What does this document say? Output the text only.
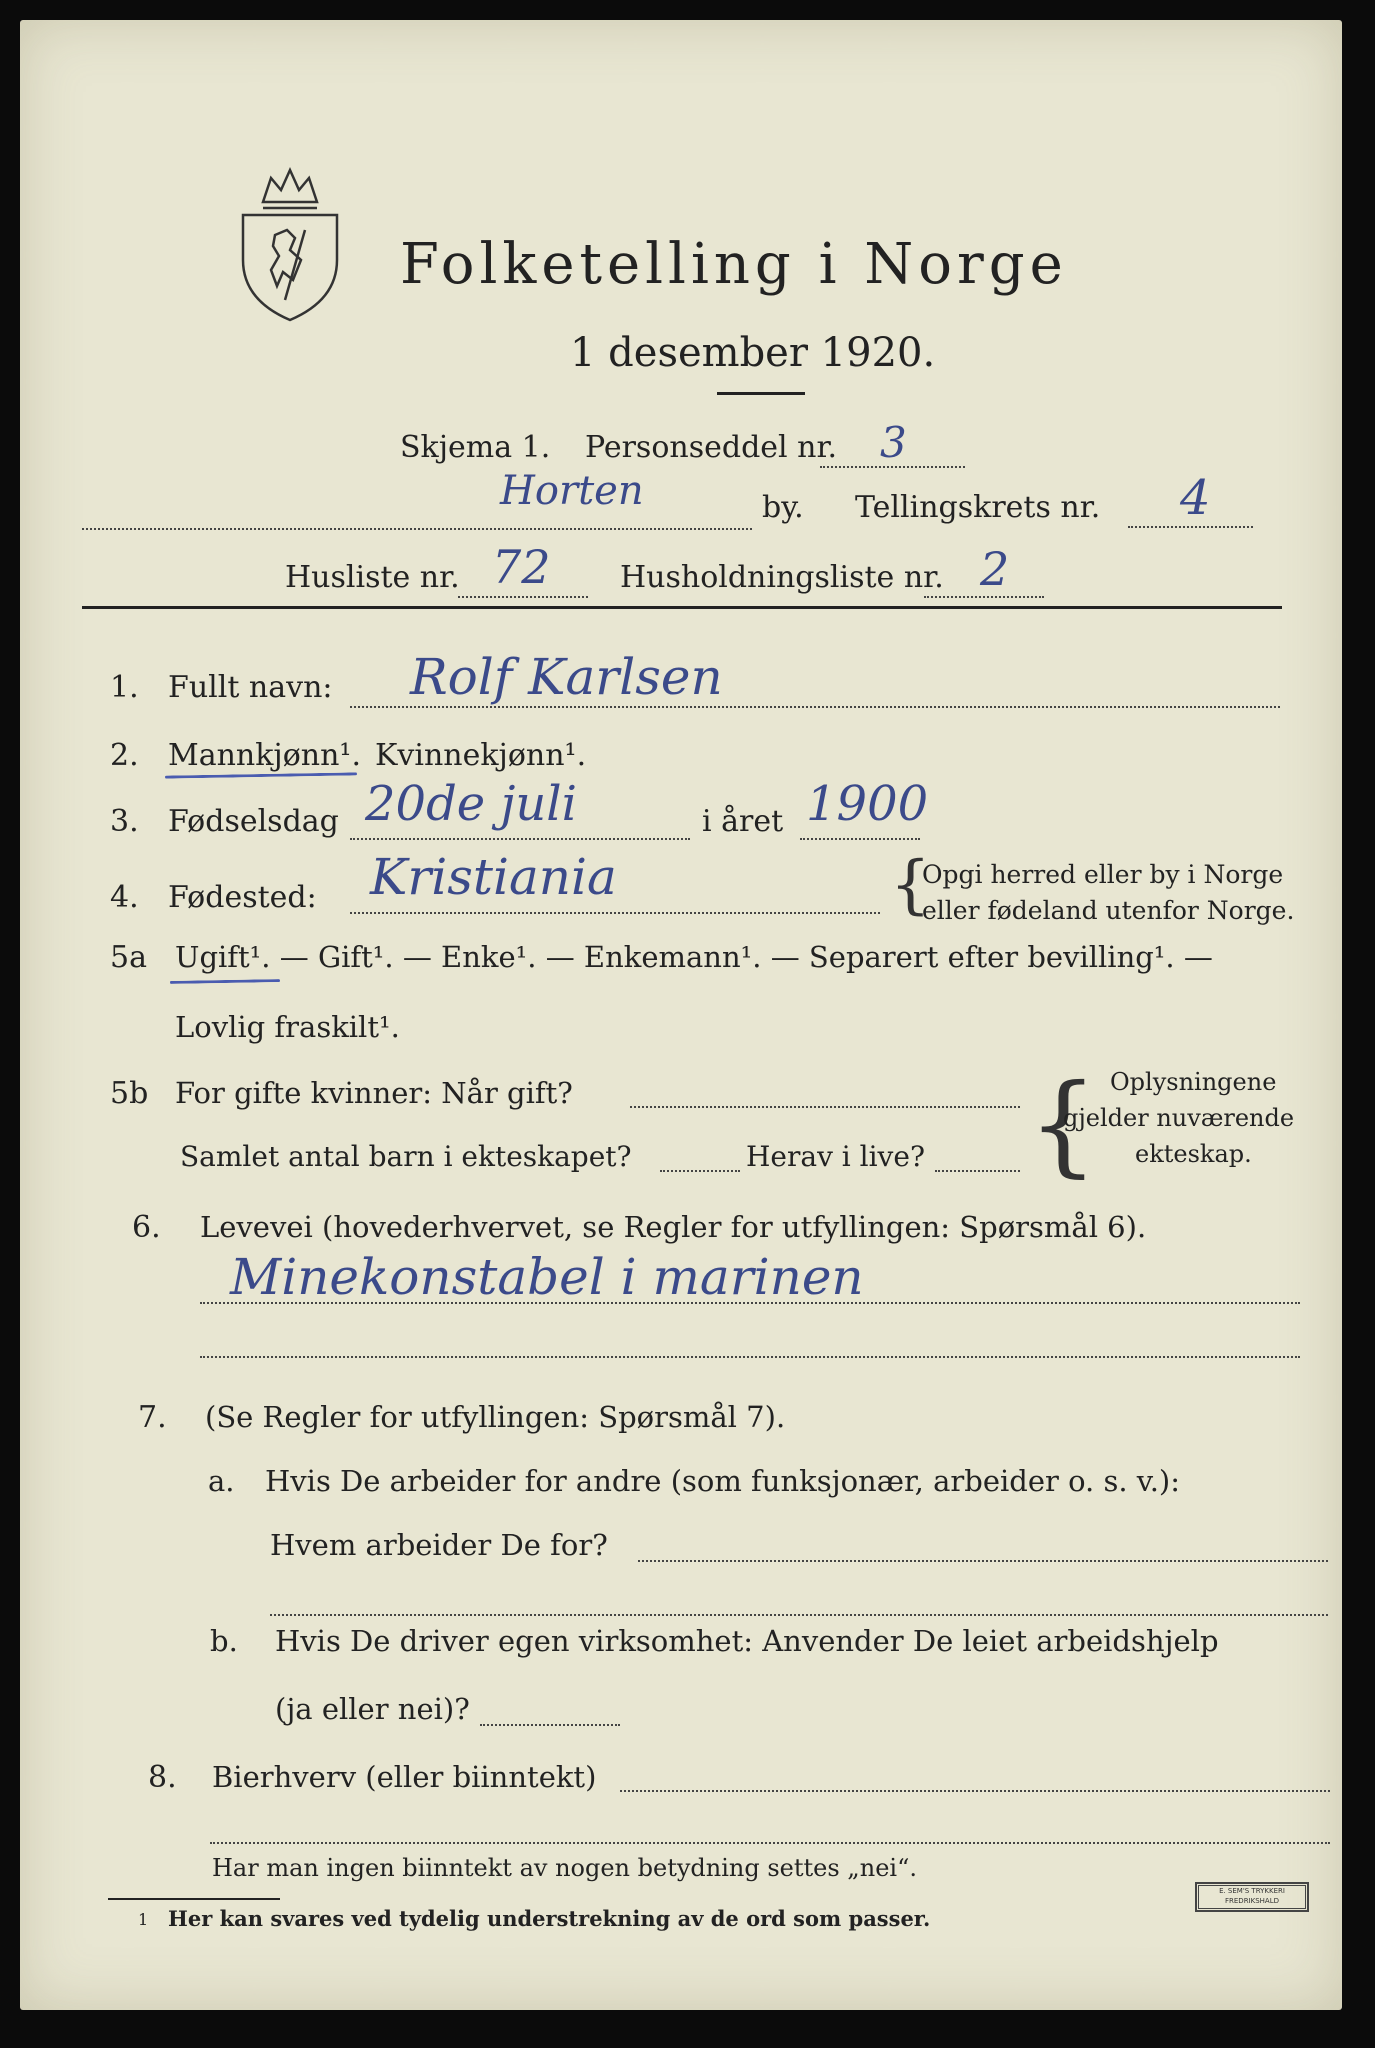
Folketelling i Norge
1 desember 1920.
Skjema 1. Personseddel nr. 3
Horten	by. Tellingskrets nr. 4
Husliste nr. 72 Husholdningsliste nr. 2
1. Fullt navn: Rolf Karlsen
2. Mannkjønn¹. Kvinnekjønn¹.
3. Fødselsdag 20de juli	i året 1900
4. Fødested: Kristiania	{
Opgi herred eller by i Norge
eller fødeland utenfor Norge.
5a Ugift¹. — Gift¹. — Enke¹. — Enkemann¹. — Separert efter bevilling¹. —
Lovlig fraskilt¹.
5b For gifte kvinner: Når gift?
Samlet antal barn i ekteskapet?	Herav i live? { Oplysningene
gjelder nuværende
ekteskap.
6. Levevei (hovederhvervet, se Regler for utfyllingen: Spørsmål 6).
Minekonstabel i marinen
7. (Se Regler for utfyllingen: Spørsmål 7).
a. Hvis De arbeider for andre (som funksjonær, arbeider o. s. v.):
Hvem arbeider De for?
b. Hvis De driver egen virksomhet: Anvender De leiet arbeidshjelp
(ja eller nei)?
8. Bierhverv (eller biinntekt)
Har man ingen biinntekt av nogen betydning settes „nei“.
1 Her kan svares ved tydelig understrekning av de ord som passer.
E. SEM'S TRYKKERI
FREDRIKSHALD
